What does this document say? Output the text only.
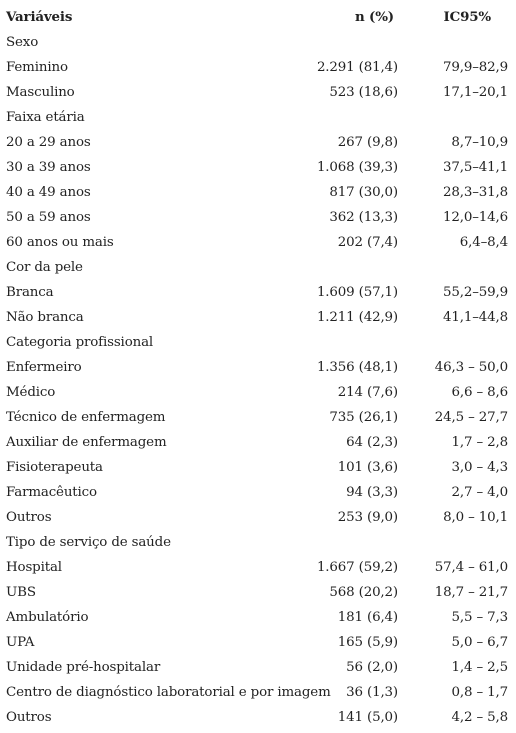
Variáveis	n (%)	IC95%
Sexo
Feminino	2.291 (81,4)	79,9–82,9
Masculino	523 (18,6)	17,1–20,1
Faixa etária
20 a 29 anos	267 (9,8)	8,7–10,9
30 a 39 anos	1.068 (39,3)	37,5–41,1
40 a 49 anos	817 (30,0)	28,3–31,8
50 a 59 anos	362 (13,3)	12,0–14,6
60 anos ou mais	202 (7,4)	6,4–8,4
Cor da pele
Branca	1.609 (57,1)	55,2–59,9
Não branca	1.211 (42,9)	41,1–44,8
Categoria profissional
Enfermeiro	1.356 (48,1)	46,3 – 50,0
Médico	214 (7,6)	6,6 – 8,6
Técnico de enfermagem	735 (26,1)	24,5 – 27,7
Auxiliar de enfermagem	64 (2,3)	1,7 – 2,8
Fisioterapeuta	101 (3,6)	3,0 – 4,3
Farmacêutico	94 (3,3)	2,7 – 4,0
Outros	253 (9,0)	8,0 – 10,1
Tipo de serviço de saúde
Hospital	1.667 (59,2)	57,4 – 61,0
UBS	568 (20,2)	18,7 – 21,7
Ambulatório	181 (6,4)	5,5 – 7,3
UPA	165 (5,9)	5,0 – 6,7
Unidade pré-hospitalar	56 (2,0)	1,4 – 2,5
Centro de diagnóstico laboratorial e por imagem 36 (1,3)	0,8 – 1,7
Outros	141 (5,0)	4,2 – 5,8
